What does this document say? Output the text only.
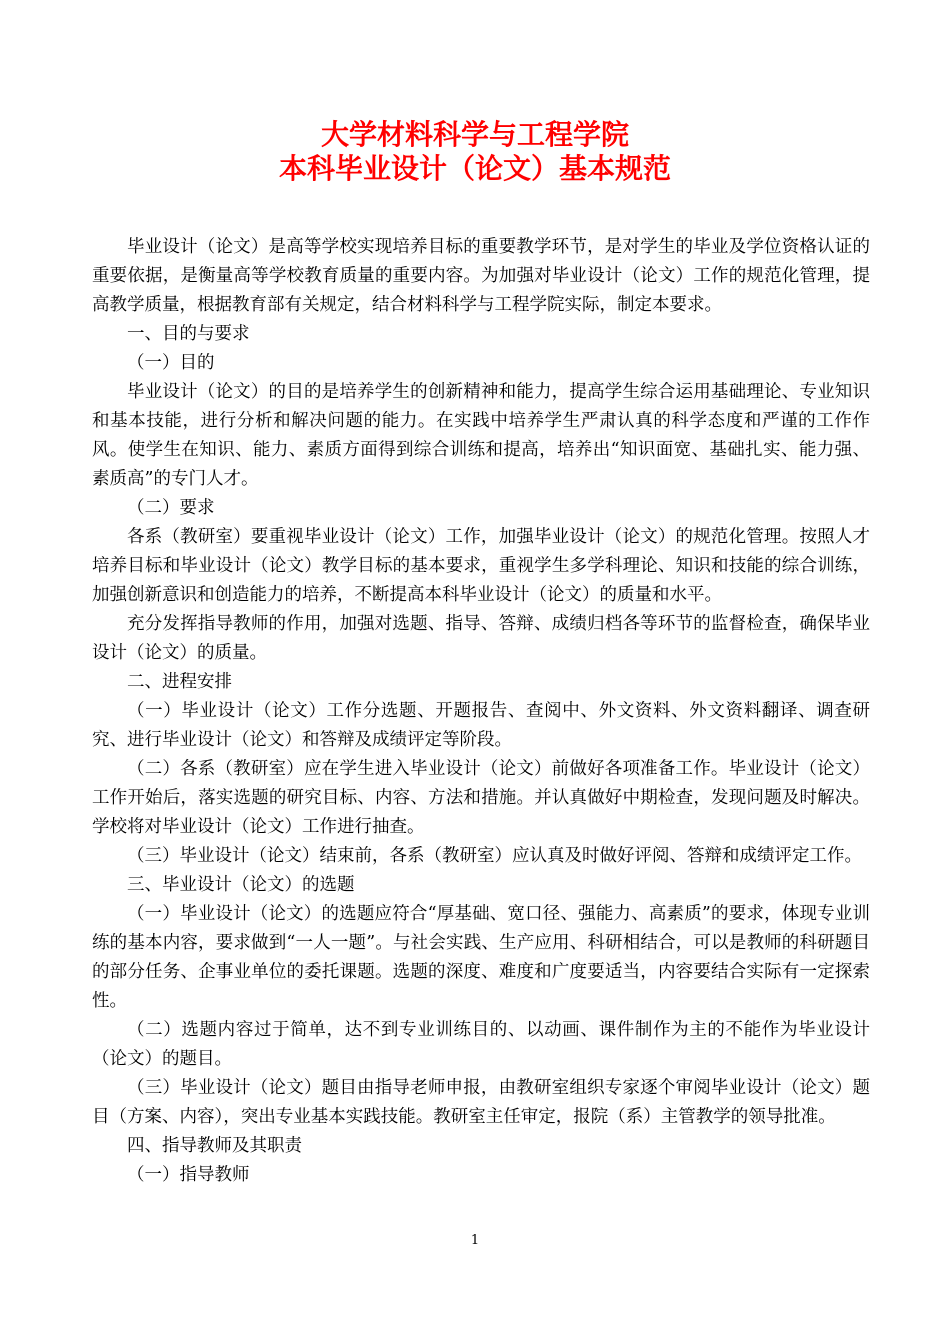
大学材料科学与工程学院
本科毕业设计（论文）基本规范

毕业设计（论文）是高等学校实现培养目标的重要教学环节，是对学生的毕业及学位资格认证的重要依据，是衡量高等学校教育质量的重要内容。为加强对毕业设计（论文）工作的规范化管理，提高教学质量，根据教育部有关规定，结合材料科学与工程学院实际，制定本要求。

一、目的与要求

（一）目的

毕业设计（论文）的目的是培养学生的创新精神和能力，提高学生综合运用基础理论、专业知识和基本技能，进行分析和解决问题的能力。在实践中培养学生严肃认真的科学态度和严谨的工作作风。使学生在知识、能力、素质方面得到综合训练和提高，培养出“知识面宽、基础扎实、能力强、素质高”的专门人才。

（二）要求

各系（教研室）要重视毕业设计（论文）工作，加强毕业设计（论文）的规范化管理。按照人才培养目标和毕业设计（论文）教学目标的基本要求，重视学生多学科理论、知识和技能的综合训练，加强创新意识和创造能力的培养，不断提高本科毕业设计（论文）的质量和水平。

充分发挥指导教师的作用，加强对选题、指导、答辩、成绩归档各等环节的监督检查，确保毕业设计（论文）的质量。

二、进程安排

（一）毕业设计（论文）工作分选题、开题报告、查阅中、外文资料、外文资料翻译、调查研究、进行毕业设计（论文）和答辩及成绩评定等阶段。

（二）各系（教研室）应在学生进入毕业设计（论文）前做好各项准备工作。毕业设计（论文）工作开始后，落实选题的研究目标、内容、方法和措施。并认真做好中期检查，发现问题及时解决。学校将对毕业设计（论文）工作进行抽查。

（三）毕业设计（论文）结束前，各系（教研室）应认真及时做好评阅、答辩和成绩评定工作。

三、毕业设计（论文）的选题

（一）毕业设计（论文）的选题应符合“厚基础、宽口径、强能力、高素质”的要求，体现专业训练的基本内容，要求做到“一人一题”。与社会实践、生产应用、科研相结合，可以是教师的科研题目的部分任务、企事业单位的委托课题。选题的深度、难度和广度要适当，内容要结合实际有一定探索性。

（二）选题内容过于简单，达不到专业训练目的、以动画、课件制作为主的不能作为毕业设计（论文）的题目。

（三）毕业设计（论文）题目由指导老师申报，由教研室组织专家逐个审阅毕业设计（论文）题目（方案、内容），突出专业基本实践技能。教研室主任审定，报院（系）主管教学的领导批准。

四、指导教师及其职责

（一）指导教师

1
